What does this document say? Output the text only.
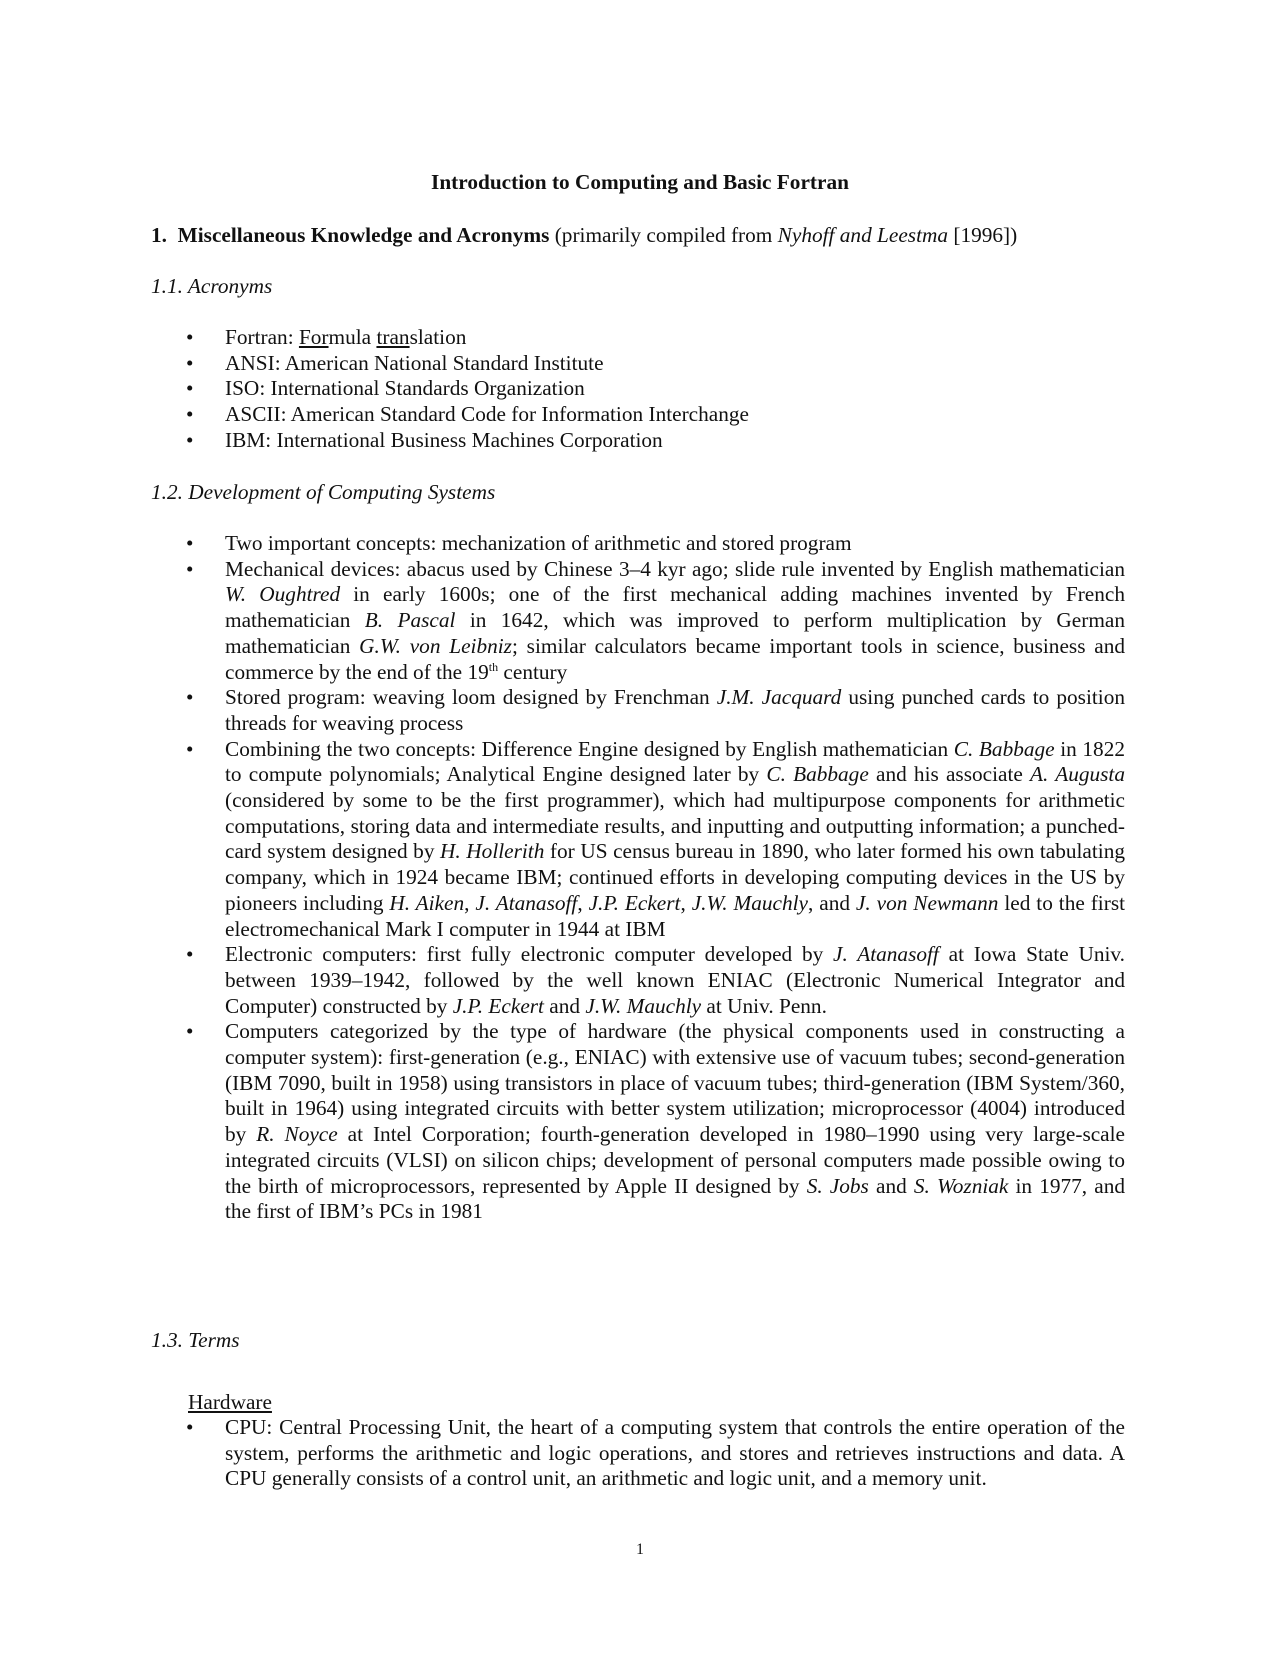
Introduction to Computing and Basic Fortran
1. Miscellaneous Knowledge and Acronyms (primarily compiled from Nyhoff and Leestma [1996])
1.1. Acronyms
• Fortran: Formula translation
• ANSI: American National Standard Institute
• ISO: International Standards Organization
• ASCII: American Standard Code for Information Interchange
• IBM: International Business Machines Corporation
1.2. Development of Computing Systems
• Two important concepts: mechanization of arithmetic and stored program
• Mechanical devices: abacus used by Chinese 3–4 kyr ago; slide rule invented by English mathematician W. Oughtred in early 1600s; one of the first mechanical adding machines invented by French mathematician B. Pascal in 1642, which was improved to perform multiplication by German mathematician G.W. von Leibniz; similar calculators became important tools in science, business and commerce by the end of the 19th century
• Stored program: weaving loom designed by Frenchman J.M. Jacquard using punched cards to position threads for weaving process
• Combining the two concepts: Difference Engine designed by English mathematician C. Babbage in 1822 to compute polynomials; Analytical Engine designed later by C. Babbage and his associate A. Augusta (considered by some to be the first programmer), which had multipurpose components for arithmetic computations, storing data and intermediate results, and inputting and outputting information; a punched-card system designed by H. Hollerith for US census bureau in 1890, who later formed his own tabulating company, which in 1924 became IBM; continued efforts in developing computing devices in the US by pioneers including H. Aiken, J. Atanasoff, J.P. Eckert, J.W. Mauchly, and J. von Newmann led to the first electromechanical Mark I computer in 1944 at IBM
• Electronic computers: first fully electronic computer developed by J. Atanasoff at Iowa State Univ. between 1939–1942, followed by the well known ENIAC (Electronic Numerical Integrator and Computer) constructed by J.P. Eckert and J.W. Mauchly at Univ. Penn.
• Computers categorized by the type of hardware (the physical components used in constructing a computer system): first-generation (e.g., ENIAC) with extensive use of vacuum tubes; second-generation (IBM 7090, built in 1958) using transistors in place of vacuum tubes; third-generation (IBM System/360, built in 1964) using integrated circuits with better system utilization; microprocessor (4004) introduced by R. Noyce at Intel Corporation; fourth-generation developed in 1980–1990 using very large-scale integrated circuits (VLSI) on silicon chips; development of personal computers made possible owing to the birth of microprocessors, represented by Apple II designed by S. Jobs and S. Wozniak in 1977, and the first of IBM’s PCs in 1981
1.3. Terms
Hardware
• CPU: Central Processing Unit, the heart of a computing system that controls the entire operation of the system, performs the arithmetic and logic operations, and stores and retrieves instructions and data. A CPU generally consists of a control unit, an arithmetic and logic unit, and a memory unit.
1
